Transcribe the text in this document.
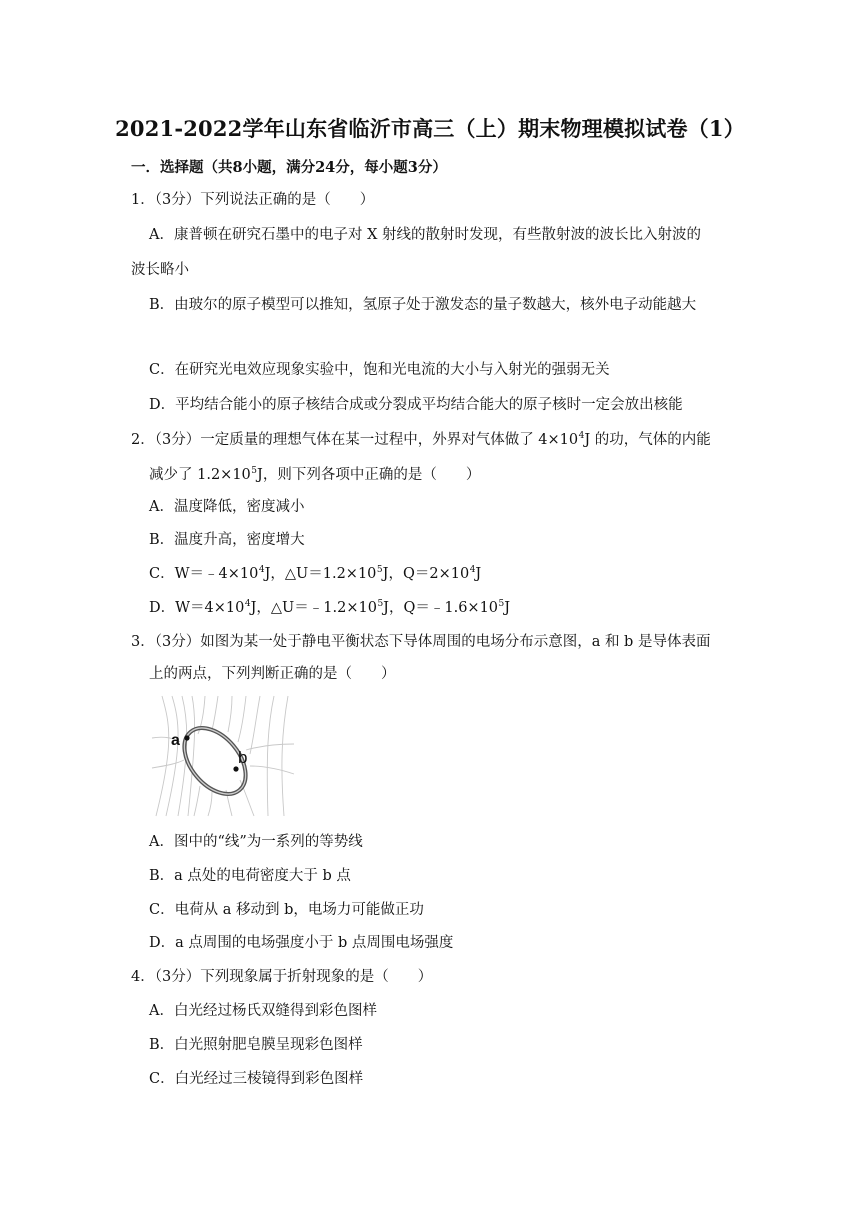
2021-2022学年山东省临沂市高三（上）期末物理模拟试卷（1）
一．选择题（共8小题，满分24分，每小题3分）
1．（3分）下列说法正确的是（　　）
A．康普顿在研究石墨中的电子对 X 射线的散射时发现，有些散射波的波长比入射波的
波长略小
B．由玻尔的原子模型可以推知，氢原子处于激发态的量子数越大，核外电子动能越大
C．在研究光电效应现象实验中，饱和光电流的大小与入射光的强弱无关
D．平均结合能小的原子核结合成或分裂成平均结合能大的原子核时一定会放出核能
2．（3分）一定质量的理想气体在某一过程中，外界对气体做了 $4\times 10^4J$ 的功，气体的内能
减少了 $1.2\times 10^5J$，则下列各项中正确的是（　　）
A．温度降低，密度减小
B．温度升高，密度增大
C．$W=﹣4\times 10^4J$，$\triangle U=1.2\times 10^5J$，$Q=2\times 10^4J$
D．$W=4\times 10^4J$，$\triangle U=﹣1.2\times 10^5J$，$Q=﹣1.6\times 10^5J$
3．（3分）如图为某一处于静电平衡状态下导体周围的电场分布示意图，a 和 b 是导体表面
上的两点，下列判断正确的是（　　）
a
b
A．图中的“线”为一系列的等势线
B．a 点处的电荷密度大于 b 点
C．电荷从 a 移动到 b，电场力可能做正功
D．a 点周围的电场强度小于 b 点周围电场强度
4．（3分）下列现象属于折射现象的是（　　）
A．白光经过杨氏双缝得到彩色图样
B．白光照射肥皂膜呈现彩色图样
C．白光经过三棱镜得到彩色图样
